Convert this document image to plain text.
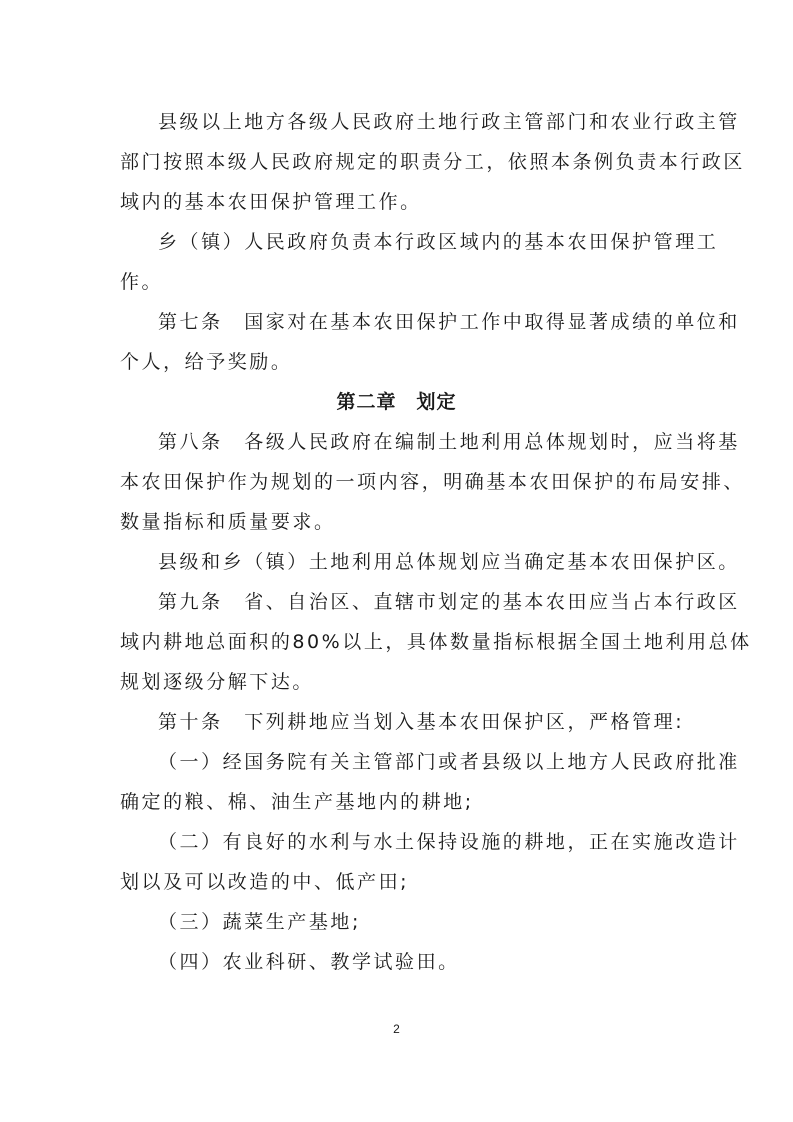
县级以上地方各级人民政府土地行政主管部门和农业行政主管
部门按照本级人民政府规定的职责分工，依照本条例负责本行政区
域内的基本农田保护管理工作。
乡（镇）人民政府负责本行政区域内的基本农田保护管理工
作。
第七条　国家对在基本农田保护工作中取得显著成绩的单位和
个人，给予奖励。
第二章　划定
第八条　各级人民政府在编制土地利用总体规划时，应当将基
本农田保护作为规划的一项内容，明确基本农田保护的布局安排、
数量指标和质量要求。
县级和乡（镇）土地利用总体规划应当确定基本农田保护区。
第九条　省、自治区、直辖市划定的基本农田应当占本行政区
域内耕地总面积的80%以上，具体数量指标根据全国土地利用总体
规划逐级分解下达。
第十条　下列耕地应当划入基本农田保护区，严格管理:
（一）经国务院有关主管部门或者县级以上地方人民政府批准
确定的粮、棉、油生产基地内的耕地;
（二）有良好的水利与水土保持设施的耕地，正在实施改造计
划以及可以改造的中、低产田;
（三）蔬菜生产基地;
（四）农业科研、教学试验田。
2
